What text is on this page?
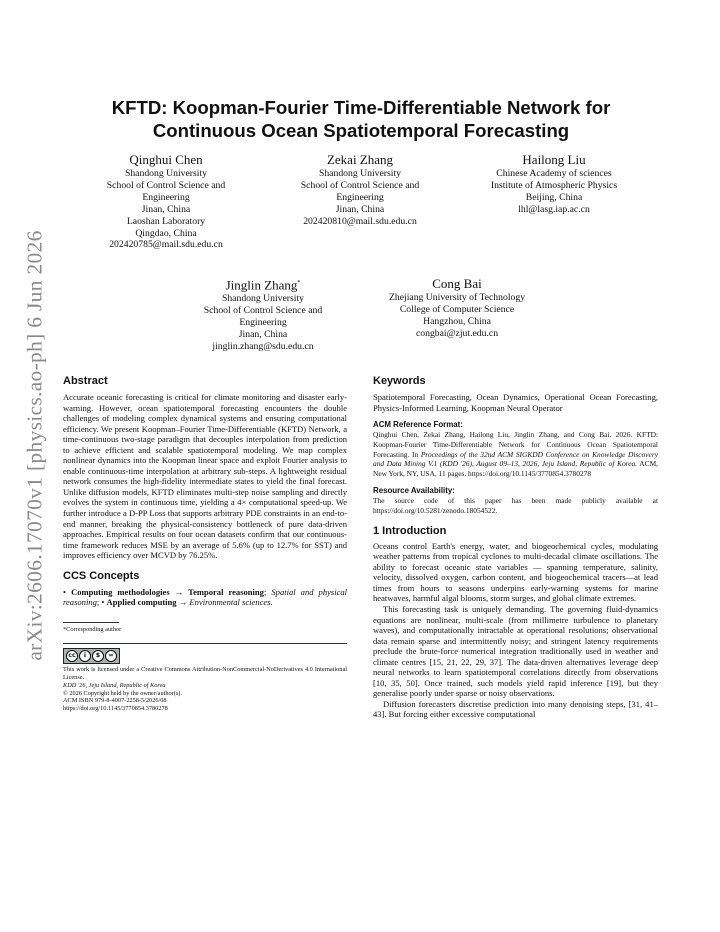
arXiv:2606.17070v1 [physics.ao-ph] 6 Jun 2026
KFTD: Koopman-Fourier Time-Differentiable Network for
Continuous Ocean Spatiotemporal Forecasting
Qinghui Chen
Shandong University
School of Control Science and
Engineering
Jinan, China
Laoshan Laboratory
Qingdao, China
202420785@mail.sdu.edu.cn
Zekai Zhang
Shandong University
School of Control Science and
Engineering
Jinan, China
202420810@mail.sdu.edu.cn
Hailong Liu
Chinese Academy of sciences
Institute of Atmospheric Physics
Beijing, China
lhl@lasg.iap.ac.cn
Jinglin Zhang*
Shandong University
School of Control Science and
Engineering
Jinan, China
jinglin.zhang@sdu.edu.cn
Cong Bai
Zhejiang University of Technology
College of Computer Science
Hangzhou, China
congbai@zjut.edu.cn
Abstract

Accurate oceanic forecasting is critical for climate monitoring and disaster early-warning. However, ocean spatiotemporal forecasting encounters the double challenges of modeling complex dynamical systems and ensuring computational efficiency. We present Koopman–Fourier Time-Differentiable (KFTD) Network, a time-continuous two-stage paradigm that decouples interpolation from prediction to achieve efficient and scalable spatiotemporal modeling. We map complex nonlinear dynamics into the Koopman linear space and exploit Fourier analysis to enable continuous-time interpolation at arbitrary sub-steps. A lightweight residual network consumes the high-fidelity intermediate states to yield the final forecast. Unlike diffusion models, KFTD eliminates multi-step noise sampling and directly evolves the system in continuous time, yielding a 4× computational speed-up. We further introduce a D-PP Loss that supports arbitrary PDE constraints in an end-to-end manner, breaking the physical-consistency bottleneck of pure data-driven approaches. Empirical results on four ocean datasets confirm that our continuous-time framework reduces MSE by an average of 5.6% (up to 12.7% for SST) and improves efficiency over MCVD by 76.25%.

CCS Concepts

• Computing methodologies → Temporal reasoning; Spatial and physical reasoning; • Applied computing → Environmental sciences.

*Corresponding author

cc	i	$	=

This work is licensed under a Creative Commons Attribution-NonCommercial-NoDerivatives 4.0 International License.

KDD '26, Jeju Island, Republic of Korea

© 2026 Copyright held by the owner/author(s).

ACM ISBN 979-8-4007-2258-5/2026/08

https://doi.org/10.1145/3770854.3780278

Keywords

Spatiotemporal Forecasting, Ocean Dynamics, Operational Ocean Forecasting, Physics-Informed Learning, Koopman Neural Operator

ACM Reference Format:

Qinghui Chen, Zekai Zhang, Hailong Liu, Jinglin Zhang, and Cong Bai. 2026. KFTD: Koopman-Fourier Time-Differentiable Network for Continuous Ocean Spatiotemporal Forecasting. In Proceedings of the 32nd ACM SIGKDD Conference on Knowledge Discovery and Data Mining V.1 (KDD '26), August 09–13, 2026, Jeju Island, Republic of Korea. ACM, New York, NY, USA, 11 pages. https://doi.org/10.1145/3770854.3780278

Resource Availability:

The source code of this paper has been made publicly available at https://doi.org/10.5281/zenodo.18054522.

1 Introduction

Oceans control Earth's energy, water, and biogeochemical cycles, modulating weather patterns from tropical cyclones to multi-decadal climate oscillations. The ability to forecast oceanic state variables — spanning temperature, salinity, velocity, dissolved oxygen, carbon content, and biogeochemical tracers—at lead times from hours to seasons underpins early-warning systems for marine heatwaves, harmful algal blooms, storm surges, and global climate extremes.

This forecasting task is uniquely demanding. The governing fluid-dynamics equations are nonlinear, multi-scale (from millimetre turbulence to planetary waves), and computationally intractable at operational resolutions; observational data remain sparse and intermittently noisy; and stringent latency requirements preclude the brute-force numerical integration traditionally used in weather and climate centres [15, 21, 22, 29, 37]. The data-driven alternatives leverage deep neural networks to learn spatiotemporal correlations directly from observations [10, 35, 50]. Once trained, such models yield rapid inference [19], but they generalise poorly under sparse or noisy observations.

Diffusion forecasters discretise prediction into many denoising steps, [31, 41–43]. But forcing either excessive computational
